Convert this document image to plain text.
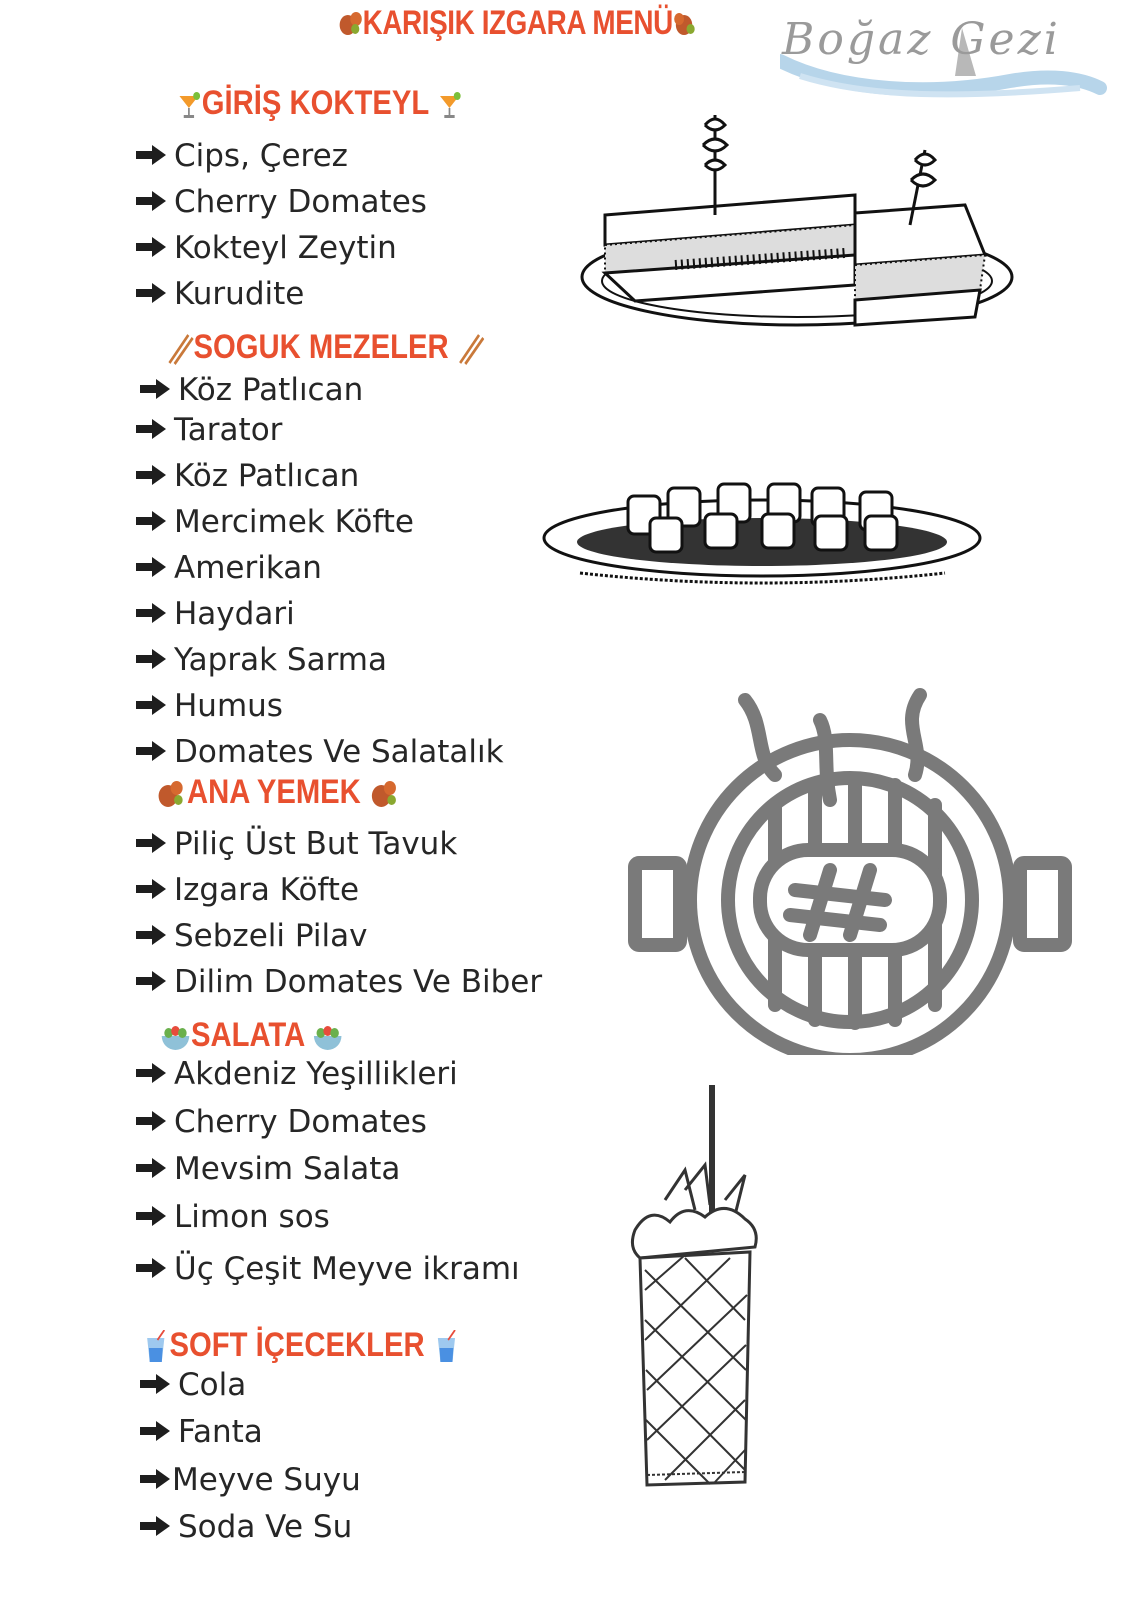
KARIŞIK IZGARA MENÜ	Boğaz Gezi
GİRİŞ KOKTEYL
Cips, Çerez
Cherry Domates
Kokteyl Zeytin
Kurudite
SOGUK MEZELER
Köz Patlıcan
Tarator
Köz Patlıcan
Mercimek Köfte
Amerikan
Haydari
Yaprak Sarma
Humus
Domates Ve Salatalık
ANA YEMEK
Piliç Üst But Tavuk
Izgara Köfte
Sebzeli Pilav
Dilim Domates Ve Biber
SALATA
Akdeniz Yeşillikleri
Cherry Domates
Mevsim Salata
Limon sos
Üç Çeşit Meyve ikramı
SOFT İÇECEKLER
Cola
Fanta
Meyve Suyu
Soda Ve Su
